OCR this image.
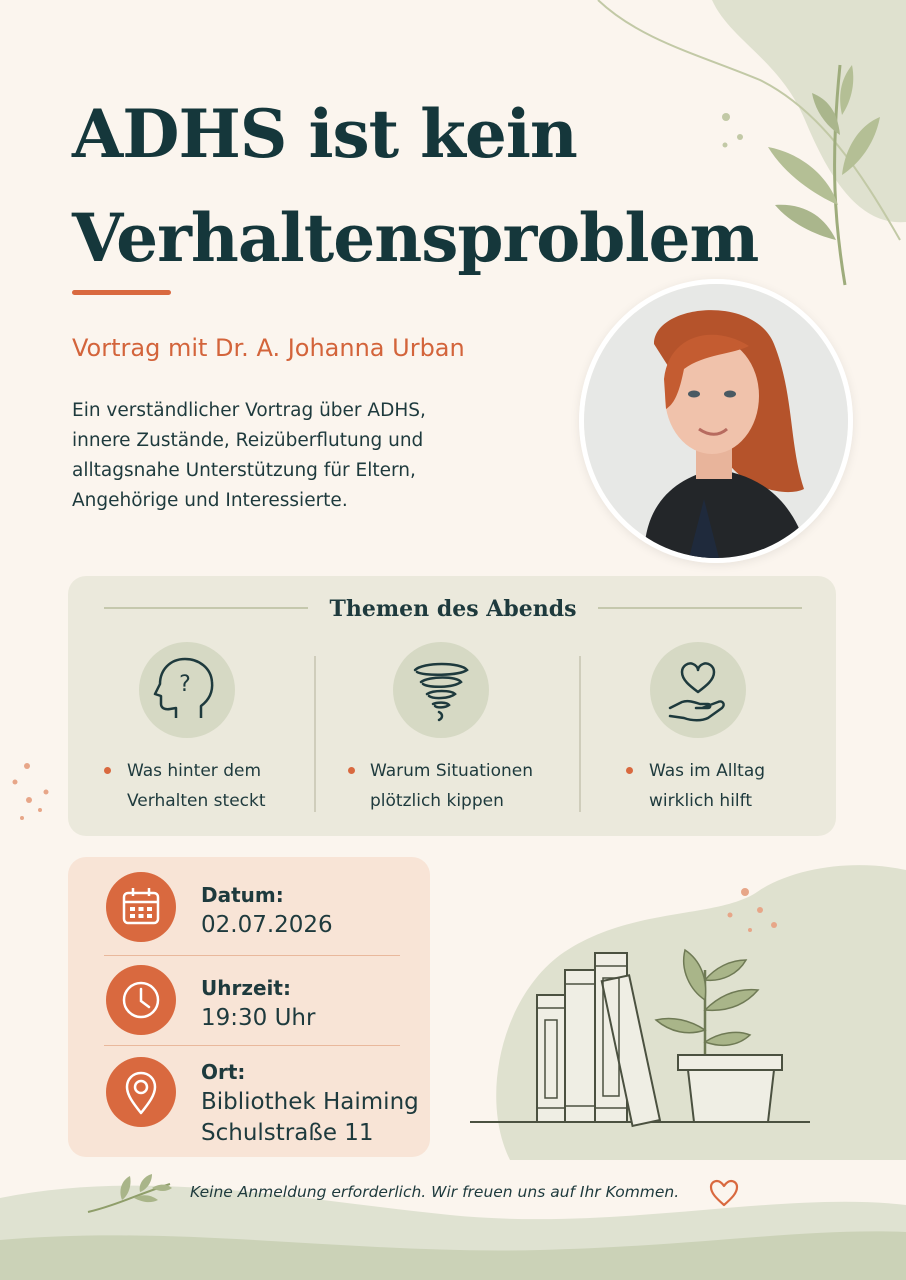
ADHS ist kein
Verhaltensproblem
Vortrag mit Dr. A. Johanna Urban

Ein verständlicher Vortrag über ADHS,
innere Zustände, Reizüberflutung und
alltagsnahe Unterstützung für Eltern,
Angehörige und Interessierte.

Themen des Abends
?
Was hinter dem
Verhalten steckt
Warum Situationen
plötzlich kippen
Was im Alltag
wirklich hilft
Datum:
02.07.2026
Uhrzeit:
19:30 Uhr
Ort:
Bibliothek Haiming
Schulstraße 11
Keine Anmeldung erforderlich. Wir freuen uns auf Ihr Kommen.
